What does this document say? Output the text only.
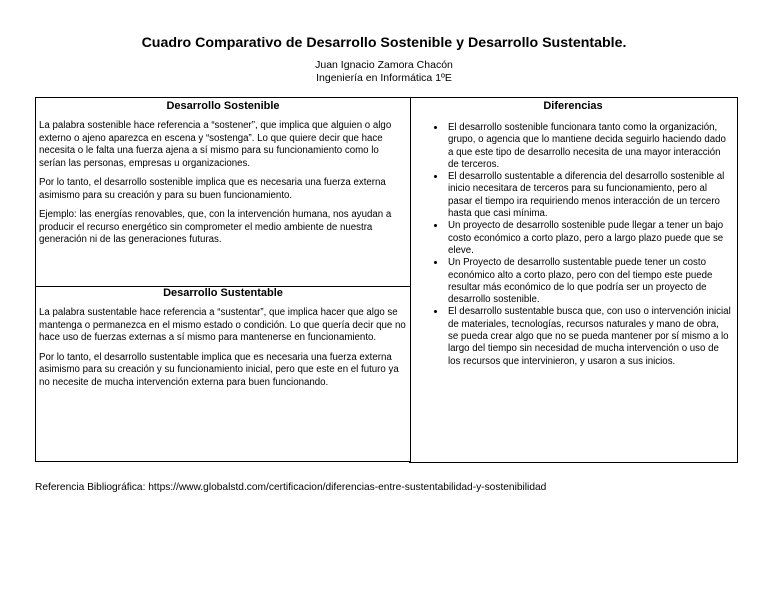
Cuadro Comparativo de Desarrollo Sostenible y Desarrollo Sustentable.
Juan Ignacio Zamora Chacón
Ingeniería en Informática 1ºE
Desarrollo Sostenible

La palabra sostenible hace referencia a “sostener”, que implica que alguien o algo externo o ajeno aparezca en escena y “sostenga”. Lo que quiere decir que hace necesita o le falta una fuerza ajena a sí mismo para su funcionamiento como lo serían las personas, empresas u organizaciones.

Por lo tanto, el desarrollo sostenible implica que es necesaria una fuerza externa asimismo para su creación y para su buen funcionamiento.

Ejemplo: las energías renovables, que, con la intervención humana, nos ayudan a producir el recurso energético sin comprometer el medio ambiente de nuestra generación ni de las generaciones futuras.

Desarrollo Sustentable

La palabra sustentable hace referencia a “sustentar”, que implica hacer que algo se mantenga o permanezca en el mismo estado o condición. Lo que quería decir que no hace uso de fuerzas externas a sí mismo para mantenerse en funcionamiento.

Por lo tanto, el desarrollo sustentable implica que es necesaria una fuerza externa asimismo para su creación y su funcionamiento inicial, pero que este en el futuro ya no necesite de mucha intervención externa para buen funcionando.

Diferencias
• El desarrollo sostenible funcionara tanto como la organización, grupo, o agencia que lo mantiene decida seguirlo haciendo dado a que este tipo de desarrollo necesita de una mayor interacción de terceros.
• El desarrollo sustentable a diferencia del desarrollo sostenible al inicio necesitara de terceros para su funcionamiento, pero al pasar el tiempo ira requiriendo menos interacción de un tercero hasta que casi mínima.
• Un proyecto de desarrollo sostenible pude llegar a tener un bajo costo económico a corto plazo, pero a largo plazo puede que se eleve.
• Un Proyecto de desarrollo sustentable puede tener un costo económico alto a corto plazo, pero con del tiempo este puede resultar más económico de lo que podría ser un proyecto de desarrollo sostenible.
• El desarrollo sustentable busca que, con uso o intervención inicial de materiales, tecnologías, recursos naturales y mano de obra, se pueda crear algo que no se pueda mantener por sí mismo a lo largo del tiempo sin necesidad de mucha intervención o uso de los recursos que intervinieron, y usaron a sus inicios.
Referencia Bibliográfica: https://www.globalstd.com/certificacion/diferencias-entre-sustentabilidad-y-sostenibilidad
